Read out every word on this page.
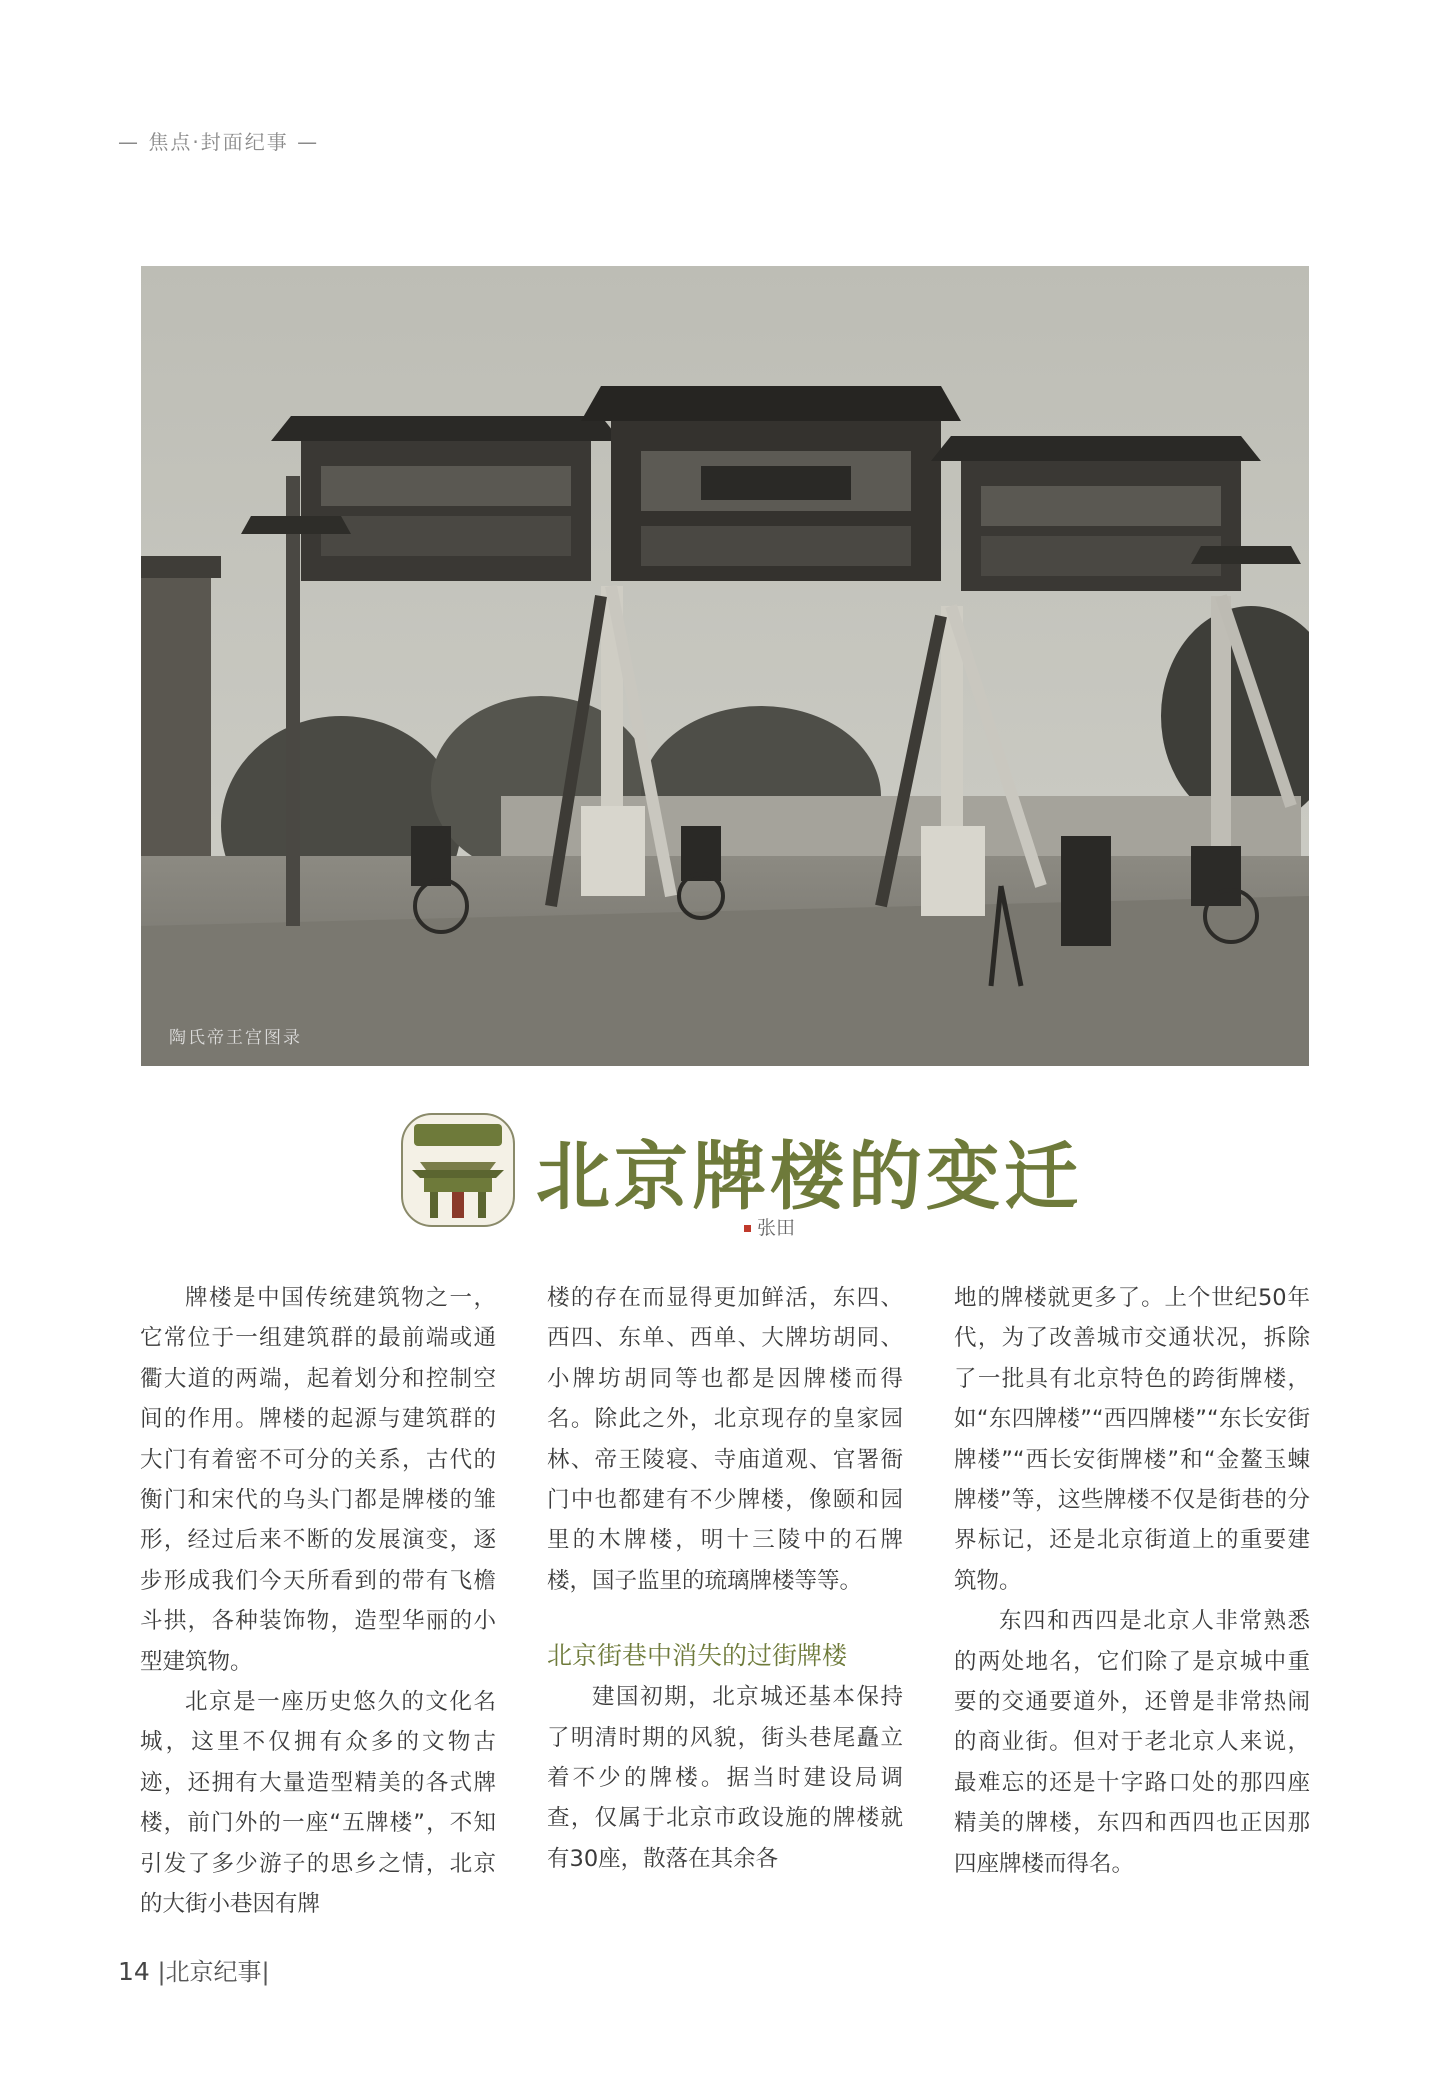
— 焦点·封面纪事 —
陶氏帝王宫图录
北京牌楼的变迁
张田

牌楼是中国传统建筑物之一，它常位于一组建筑群的最前端或通衢大道的两端，起着划分和控制空间的作用。牌楼的起源与建筑群的大门有着密不可分的关系，古代的衡门和宋代的乌头门都是牌楼的雏形，经过后来不断的发展演变，逐步形成我们今天所看到的带有飞檐斗拱，各种装饰物，造型华丽的小型建筑物。

北京是一座历史悠久的文化名城，这里不仅拥有众多的文物古迹，还拥有大量造型精美的各式牌楼，前门外的一座“五牌楼”，不知引发了多少游子的思乡之情，北京的大街小巷因有牌

楼的存在而显得更加鲜活，东四、西四、东单、西单、大牌坊胡同、小牌坊胡同等也都是因牌楼而得名。除此之外，北京现存的皇家园林、帝王陵寝、寺庙道观、官署衙门中也都建有不少牌楼，像颐和园里的木牌楼，明十三陵中的石牌楼，国子监里的琉璃牌楼等等。

北京街巷中消失的过街牌楼

建国初期，北京城还基本保持了明清时期的风貌，街头巷尾矗立着不少的牌楼。据当时建设局调查，仅属于北京市政设施的牌楼就有30座，散落在其余各

地的牌楼就更多了。上个世纪50年代，为了改善城市交通状况，拆除了一批具有北京特色的跨街牌楼，如“东四牌楼”“西四牌楼”“东长安街牌楼”“西长安街牌楼”和“金鳌玉蝀牌楼”等，这些牌楼不仅是街巷的分界标记，还是北京街道上的重要建筑物。

东四和西四是北京人非常熟悉的两处地名，它们除了是京城中重要的交通要道外，还曾是非常热闹的商业街。但对于老北京人来说，最难忘的还是十字路口处的那四座精美的牌楼，东四和西四也正因那四座牌楼而得名。

14 |北京纪事|
